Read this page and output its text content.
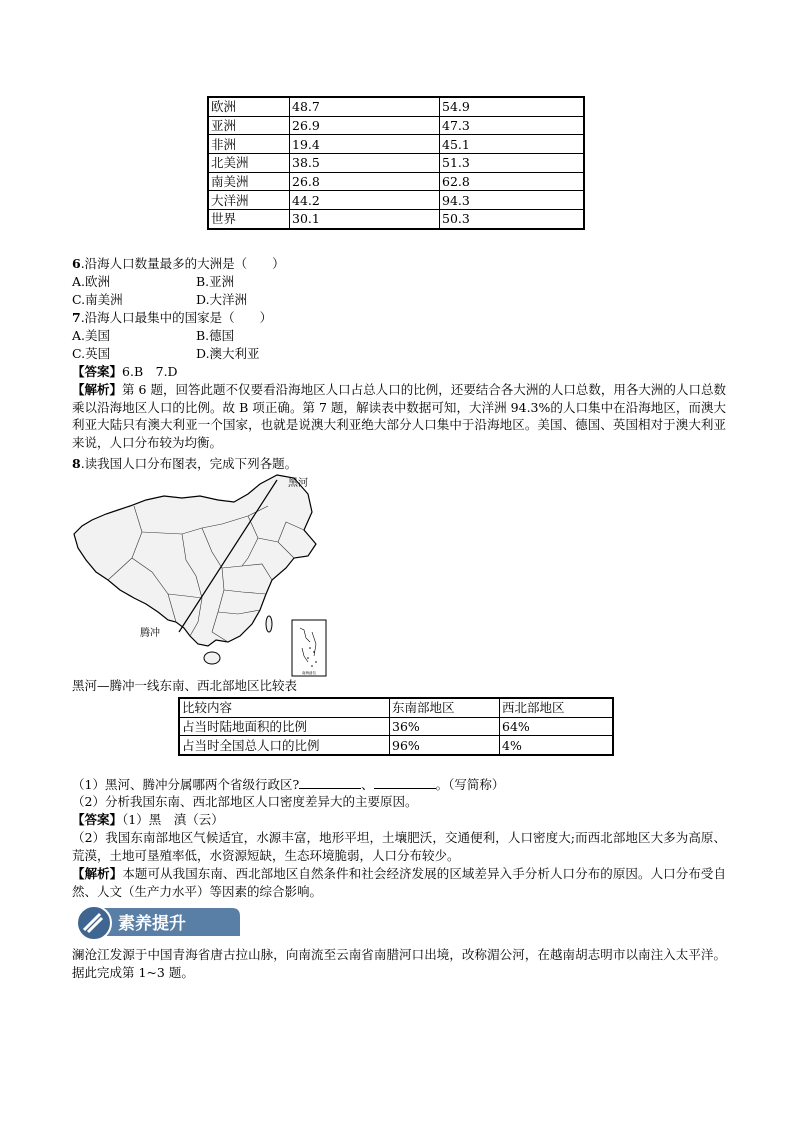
欧洲	48.7	54.9
亚洲	26.9	47.3
非洲	19.4	45.1
北美洲	38.5	51.3
南美洲	26.8	62.8
大洋洲	44.2	94.3
世界	30.1	50.3
6.沿海人口数量最多的大洲是（　　）
A.欧洲	B.亚洲
C.南美洲	D.大洋洲
7.沿海人口最集中的国家是（　　）
A.美国	B.德国
C.英国	D.澳大利亚
【答案】6.B　7.D
【解析】第 6 题，回答此题不仅要看沿海地区人口占总人口的比例，还要结合各大洲的人口总数，用各大洲的人口总数乘以沿海地区人口的比例。故 B 项正确。第 7 题，解读表中数据可知，大洋洲 94.3%的人口集中在沿海地区，而澳大利亚大陆只有澳大利亚一个国家，也就是说澳大利亚绝大部分人口集中于沿海地区。美国、德国、英国相对于澳大利亚来说，人口分布较为均衡。
8.读我国人口分布图表，完成下列各题。
南海诸岛
黑河
腾冲
黑河—腾冲一线东南、西北部地区比较表
比较内容	东南部地区	西北部地区
占当时陆地面积的比例	36%	64%
占当时全国总人口的比例	96%	4%
（1）黑河、腾冲分属哪两个省级行政区?	、	。（写简称）
（2）分析我国东南、西北部地区人口密度差异大的主要原因。
【答案】（1）黑　滇（云）
（2）我国东南部地区气候适宜，水源丰富，地形平坦，土壤肥沃，交通便利，人口密度大;而西北部地区大多为高原、荒漠，土地可垦殖率低，水资源短缺，生态环境脆弱，人口分布较少。
【解析】本题可从我国东南、西北部地区自然条件和社会经济发展的区域差异入手分析人口分布的原因。人口分布受自然、人文（生产力水平）等因素的综合影响。
素养提升
澜沧江发源于中国青海省唐古拉山脉，向南流至云南省南腊河口出境，改称湄公河，在越南胡志明市以南注入太平洋。据此完成第 1~3 题。
